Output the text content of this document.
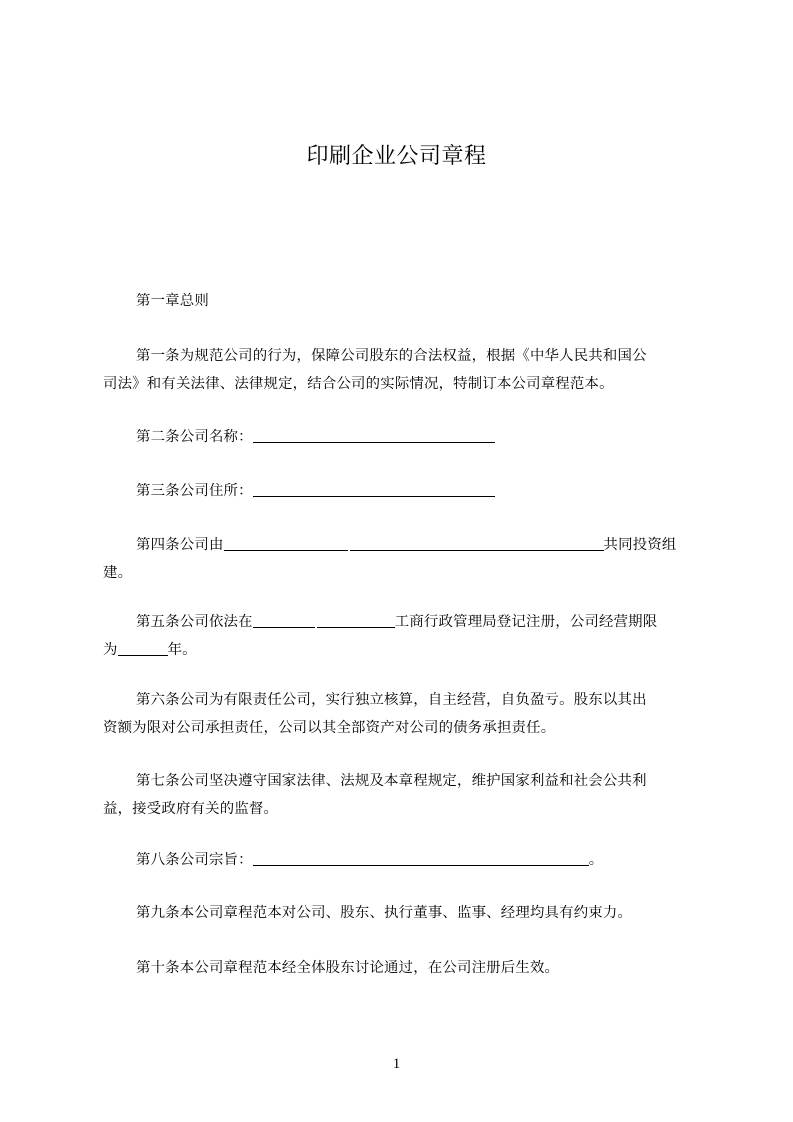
印刷企业公司章程
第一章总则
第一条为规范公司的行为，保障公司股东的合法权益，根据《中华人民共和国公
司法》和有关法律、法律规定，结合公司的实际情况，特制订本公司章程范本。
第二条公司名称：
第三条公司住所：
第四条公司由	共同投资组
建。
第五条公司依法在	工商行政管理局登记注册，公司经营期限
为	年。
第六条公司为有限责任公司，实行独立核算，自主经营，自负盈亏。股东以其出
资额为限对公司承担责任，公司以其全部资产对公司的债务承担责任。
第七条公司坚决遵守国家法律、法规及本章程规定，维护国家利益和社会公共利
益，接受政府有关的监督。
第八条公司宗旨：	。
第九条本公司章程范本对公司、股东、执行董事、监事、经理均具有约束力。
第十条本公司章程范本经全体股东讨论通过，在公司注册后生效。
1
